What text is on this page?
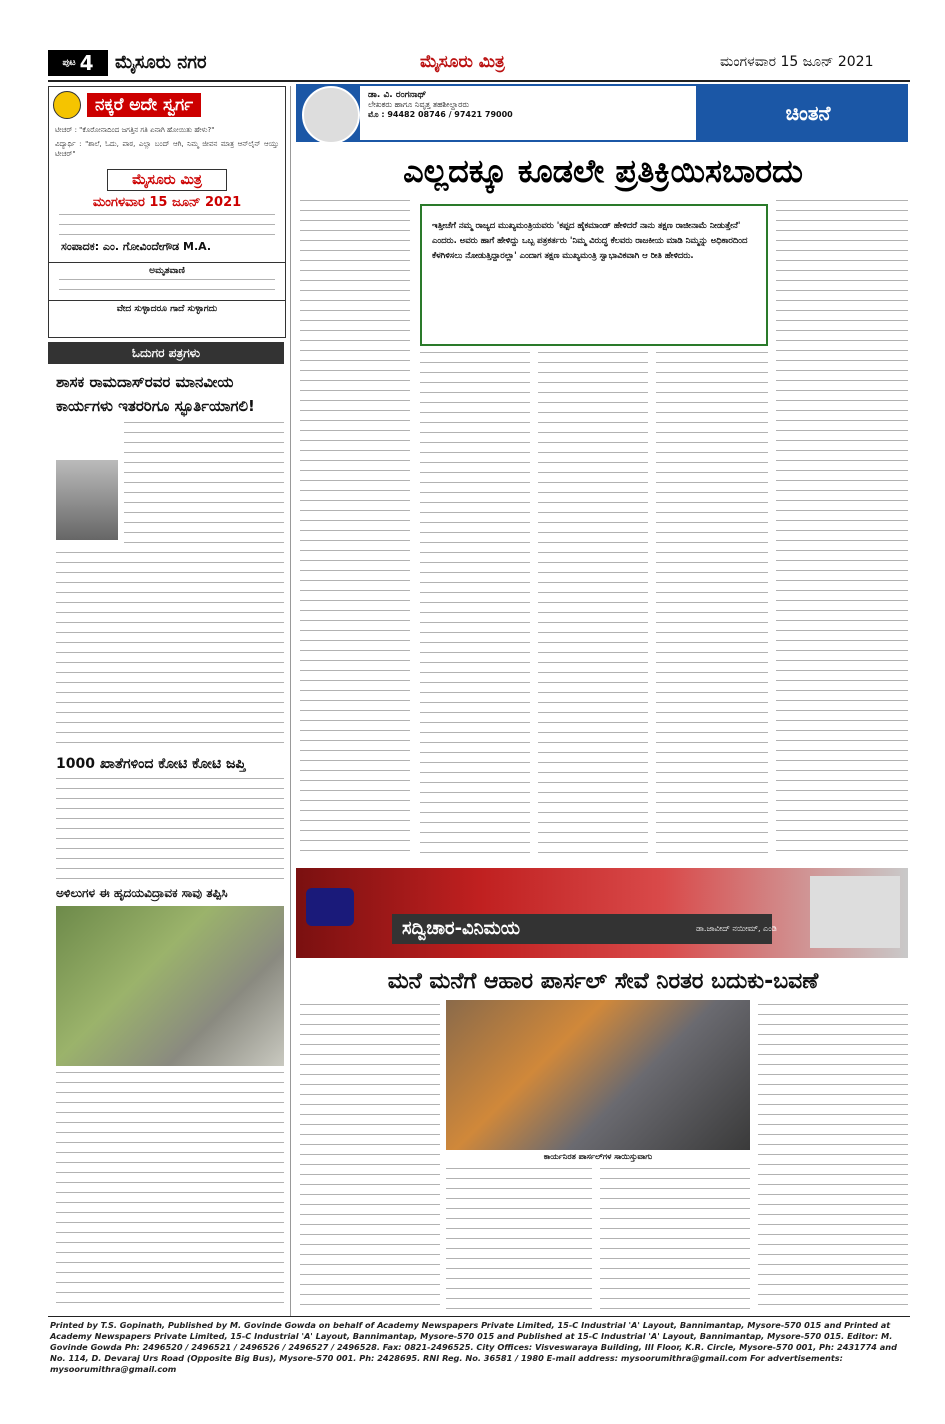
ಪುಟ 4 ಮೈಸೂರು ನಗರ	ಮೈಸೂರು ಮಿತ್ರ	ಮಂಗಳವಾರ 15 ಜೂನ್ 2021
ನಕ್ಕರೆ ಅದೇ ಸ್ವರ್ಗ
ಟೀಚರ್ : "ಕೊರೋನಾದಿಂದ ಜಗತ್ತಿನ ಗತಿ ಏನಾಗಿ ಹೋಯಿತು ಹೇಳು?"
ವಿದ್ಯಾರ್ಥಿ : "ಶಾಲೆ, ಓದು, ಪಾಠ, ಎಲ್ಲಾ ಬಂದ್ ಆಗಿ, ನಿಮ್ಮ ಜೀವನ ಮಾತ್ರ ಆನ್‌ಲೈನ್ ಆಯ್ತು ಟೀಚರ್"
ಮೈಸೂರು ಮಿತ್ರ
ಮಂಗಳವಾರ 15 ಜೂನ್ 2021
ಸಂಪಾದಕ: ಎಂ. ಗೋವಿಂದೇಗೌಡ M.A.
ಅಮೃತವಾಣಿ
ವೇದ ಸುಳ್ಳಾದರೂ ಗಾದೆ ಸುಳ್ಳಾಗದು
ಓದುಗರ ಪತ್ರಗಳು
ಶಾಸಕ ರಾಮದಾಸ್‌ರವರ ಮಾನವೀಯ ಕಾರ್ಯಗಳು ಇತರರಿಗೂ ಸ್ಫೂರ್ತಿಯಾಗಲಿ!
1000 ಖಾತೆಗಳಿಂದ ಕೋಟಿ ಕೋಟಿ ಜಪ್ತಿ
ಅಳಿಲುಗಳ ಈ ಹೃದಯವಿದ್ರಾವಕ ಸಾವು ತಪ್ಪಿಸಿ
ಡಾ. ವಿ. ರಂಗನಾಥ್
ಲೇಖಕರು ಹಾಗೂ ನಿವೃತ್ತ ತಹಶೀಲ್ದಾರರು
ಮೊ : 94482 08746 / 97421 79000	ಚಿಂತನೆ
ಎಲ್ಲದಕ್ಕೂ ಕೂಡಲೇ ಪ್ರತಿಕ್ರಿಯಿಸಬಾರದು
ಇತ್ತೀಚೆಗೆ ನಮ್ಮ ರಾಜ್ಯದ ಮುಖ್ಯಮಂತ್ರಿಯವರು 'ಕಪ್ಪದ ಹೈಕಮಾಂಡ್ ಹೇಳಿದರೆ ನಾನು ತಕ್ಷಣ ರಾಜೀನಾಮೆ ನೀಡುತ್ತೇನೆ' ಎಂದರು. ಅವರು ಹಾಗೆ ಹೇಳಿದ್ದು ಒಬ್ಬ ಪತ್ರಕರ್ತರು 'ನಿಮ್ಮ ವಿರುದ್ಧ ಕೆಲವರು ರಾಜಕೀಯ ಮಾಡಿ ನಿಮ್ಮನ್ನು ಅಧಿಕಾರದಿಂದ ಕೆಳಗಿಳಿಸಲು ನೋಡುತ್ತಿದ್ದಾರಲ್ಲಾ' ಎಂದಾಗ ತಕ್ಷಣ ಮುಖ್ಯಮಂತ್ರಿ ಸ್ವಾಭಾವಿಕವಾಗಿ ಆ ರೀತಿ ಹೇಳಿದರು.
ಸದ್ವಿಚಾರ-ವಿನಿಮಯ	ಡಾ.ಜಾವೀದ್ ನಯೀಮ್, ಎಂಡಿ
ಮನೆ ಮನೆಗೆ ಆಹಾರ ಪಾರ್ಸಲ್ ಸೇವೆ ನಿರತರ ಬದುಕು-ಬವಣೆ
ಕಾರ್ಯನಿರತ ಪಾರ್ಸಲ್‌ಗಳ ಸಾಯಿಸ್ತುವಾಗು
Printed by T.S. Gopinath, Published by M. Govinde Gowda on behalf of Academy Newspapers Private Limited, 15-C Industrial 'A' Layout, Bannimantap, Mysore-570 015 and Printed at Academy Newspapers Private Limited, 15-C Industrial 'A' Layout, Bannimantap, Mysore-570 015 and Published at 15-C Industrial 'A' Layout, Bannimantap, Mysore-570 015. Editor: M. Govinde Gowda Ph: 2496520 / 2496521 / 2496526 / 2496527 / 2496528. Fax: 0821-2496525. City Offices: Visveswaraya Building, III Floor, K.R. Circle, Mysore-570 001, Ph: 2431774 and No. 114, D. Devaraj Urs Road (Opposite Big Bus), Mysore-570 001. Ph: 2428695. RNI Reg. No. 36581 / 1980 E-mail address: mysoorumithra@gmail.com For advertisements: mysoorumithra@gmail.com
